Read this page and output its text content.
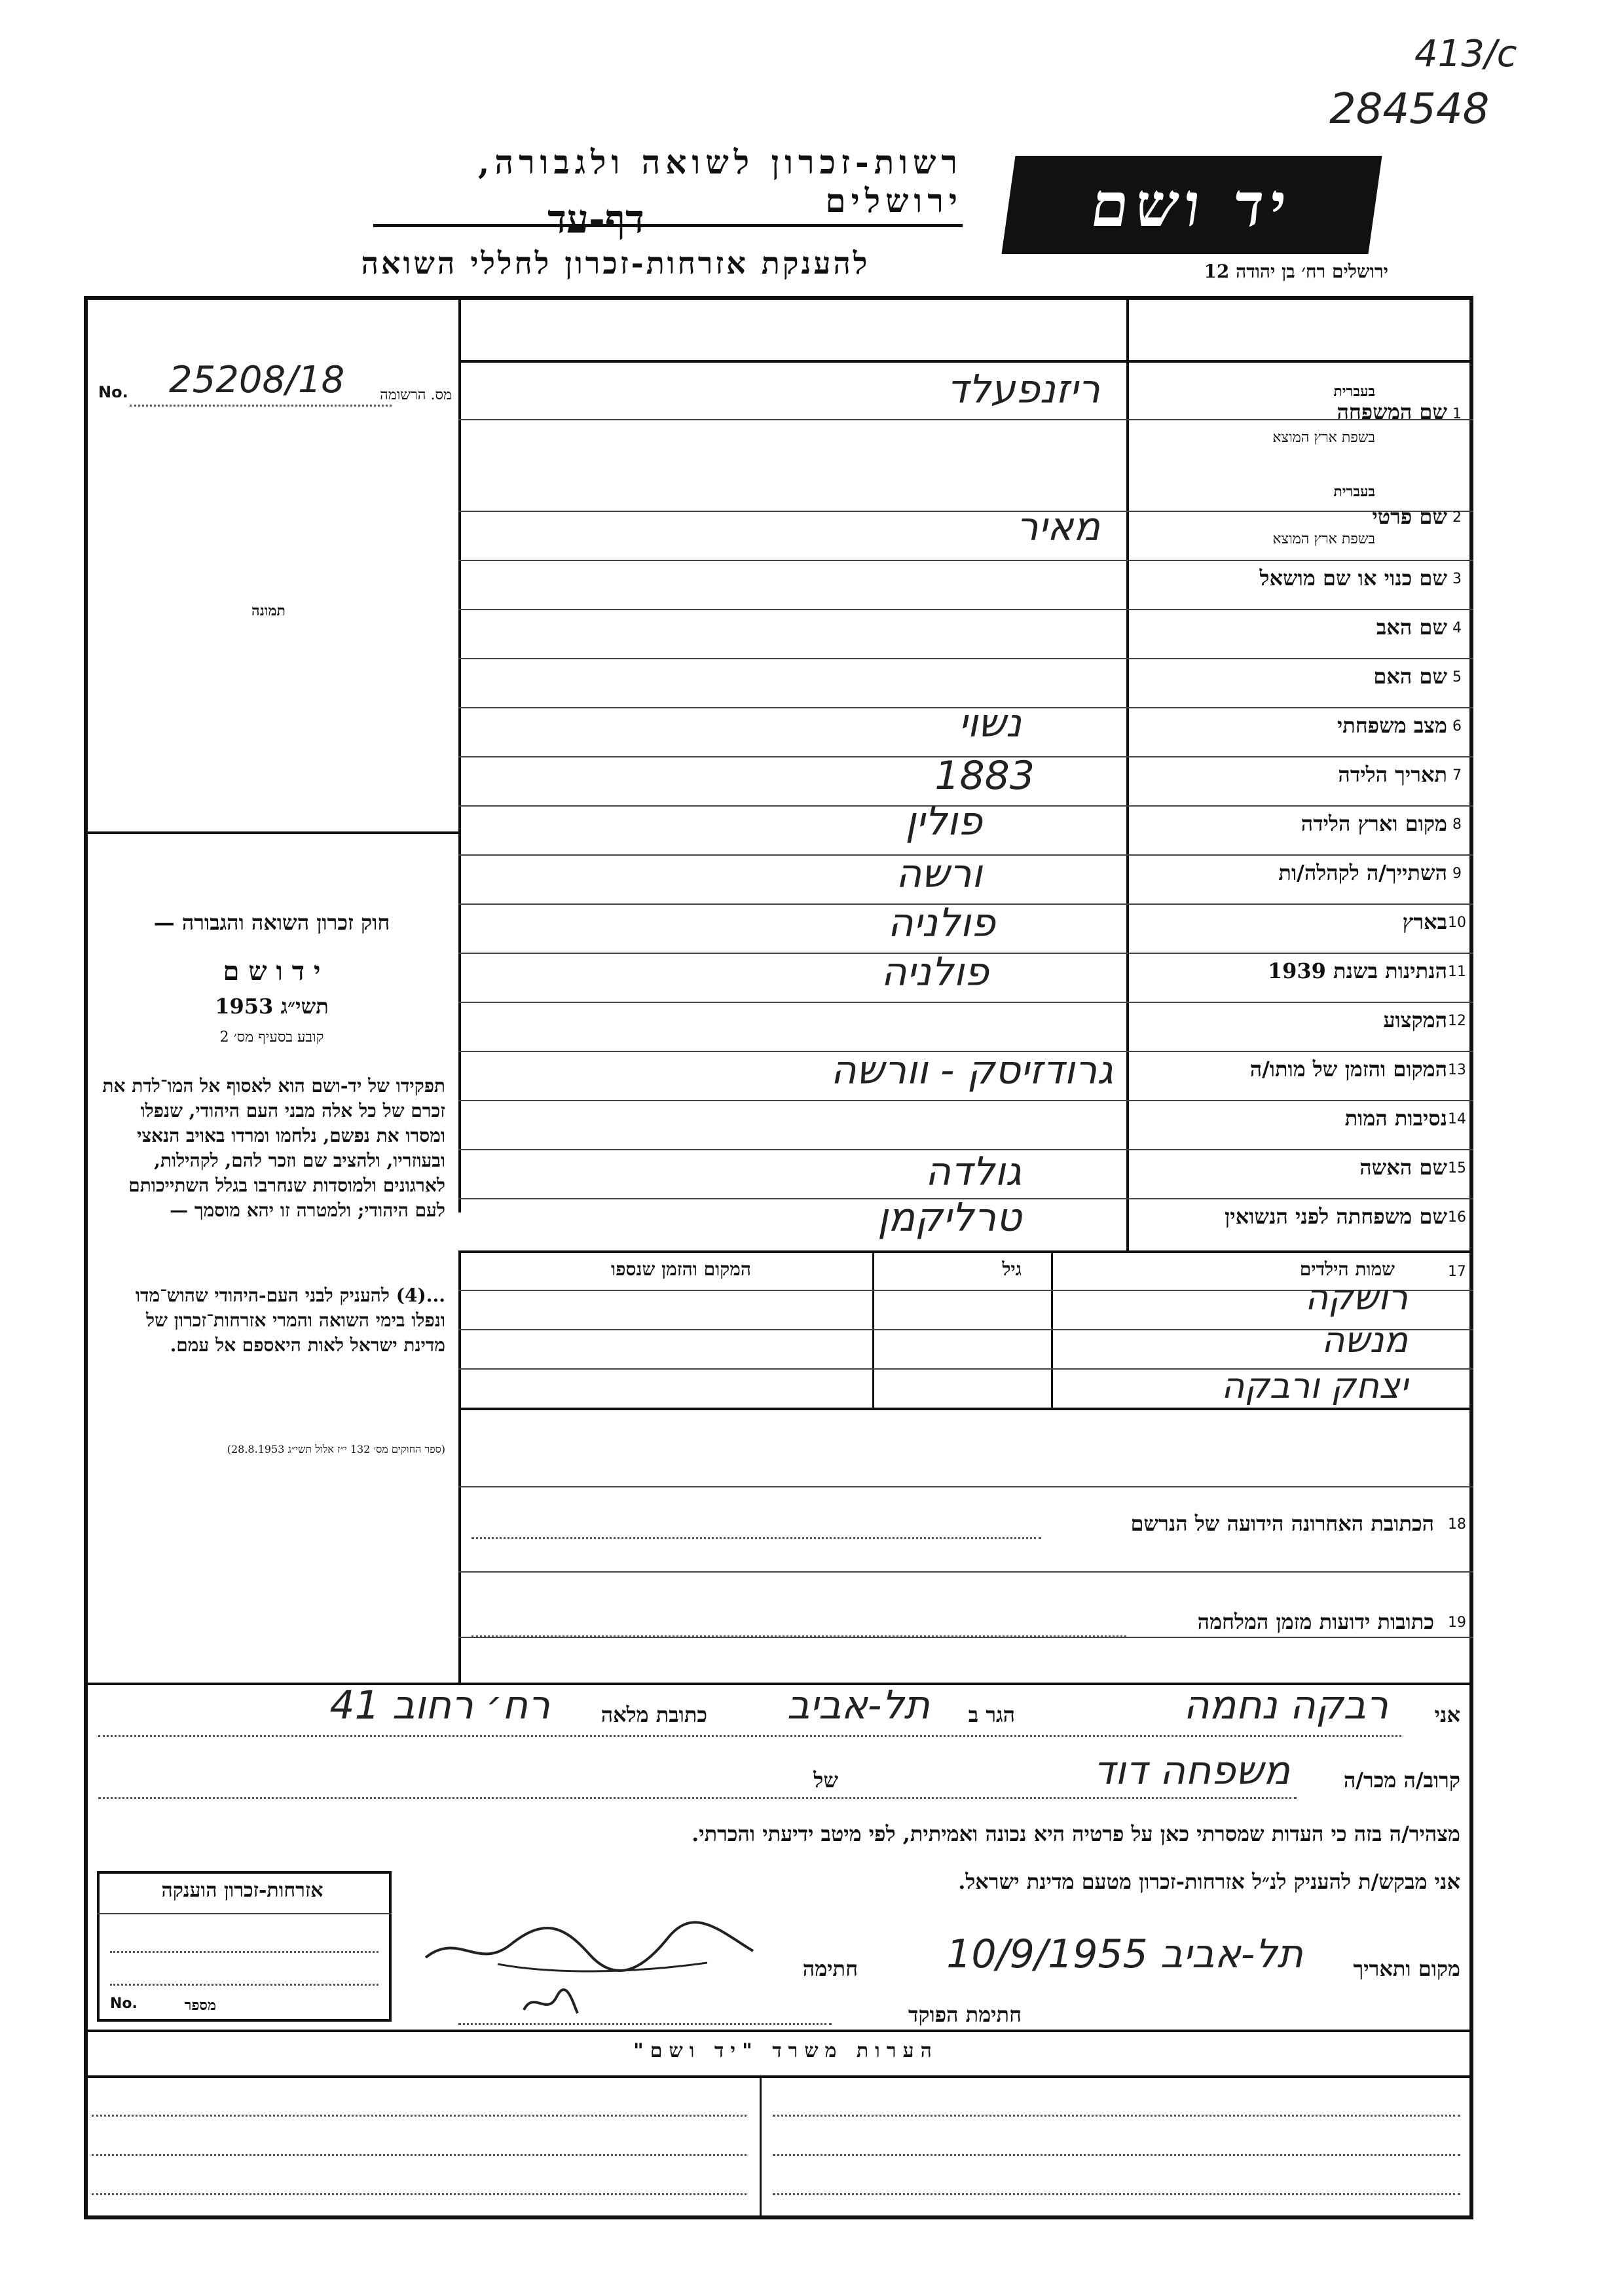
413/c
284548
רשות-זכרון לשואה ולגבורה, ירושלים
דף-עד
להענקת אזרחות-זכרון לחללי השואה
יד ושם
ירושלים רח׳ בן יהודה 12
No. 25208/18 מס. הרשומה
תמונה
שם המשפחה 1
בעברית
בשפת ארץ המוצא
בעברית
שם פרטי 2
בשפת ארץ המוצא
שם כנוי או שם מושאל 3
שם האב 4
שם האם 5
מצב משפחתי 6
תאריך הלידה 7
מקום וארץ הלידה 8
השתייך/ה לקהלה/ות 9
בארץ 10
הנתינות בשנת 1939 11
המקצוע 12
המקום והזמן של מותו/ה 13
נסיבות המות 14
שם האשה 15
שם משפחתה לפני הנשואין 16
ריזנפעלד
מאיר
נשוי
1883
פולין
ורשה
פולניה
פולניה
גרודזיסק - וורשה
גולדה
טרליקמן
17
שמות הילדים
גיל
המקום והזמן שנספו
רושקה
מנשה
יצחק ורבקה
הכתובת האחרונה הידועה של הנרשם 18
כתובות ידועות מזמן המלחמה 19
חוק זכרון השואה והגבורה —
י ד ו ש ם
תשי״ג 1953
קובע בסעיף מס׳ 2
תפקידו של יד-ושם הוא לאסוף אל המו־לדת את זכרם של כל אלה מבני העם היהודי, שנפלו ומסרו את נפשם, נלחמו ומרדו באויב הנאצי ובעוזריו, ולהציב שם וזכר להם, לקהילות, לארגונים ולמוסדות שנחרבו בגלל השתייכותם לעם היהודי; ולמטרה זו יהא מוסמך —
...(4) להעניק לבני העם-היהודי שהוש־מדו ונפלו בימי השואה והמרי אזרחות־זכרון של מדינת ישראל לאות היאספם אל עמם.
(ספר החוקים מס׳ 132 י״ז אלול תשי״ג 28.8.1953)
אני
רבקה נחמה
הגר ב
תל-אביב
כתובת מלאה
רח׳ רחוב 41
קרוב/ה מכר/ה
משפחה דוד
של
מצהיר/ה בזה כי העדות שמסרתי כאן על פרטיה היא נכונה ואמיתית, לפי מיטב ידיעתי והכרתי.
אני מבקש/ת להעניק לנ״ל אזרחות-זכרון מטעם מדינת ישראל.
מקום ותאריך
תל-אביב 10/9/1955
חתימה
חתימת הפוקד
אזרחות-זכרון הוענקה
No.	מספר
הערות משרד "יד ושם"
